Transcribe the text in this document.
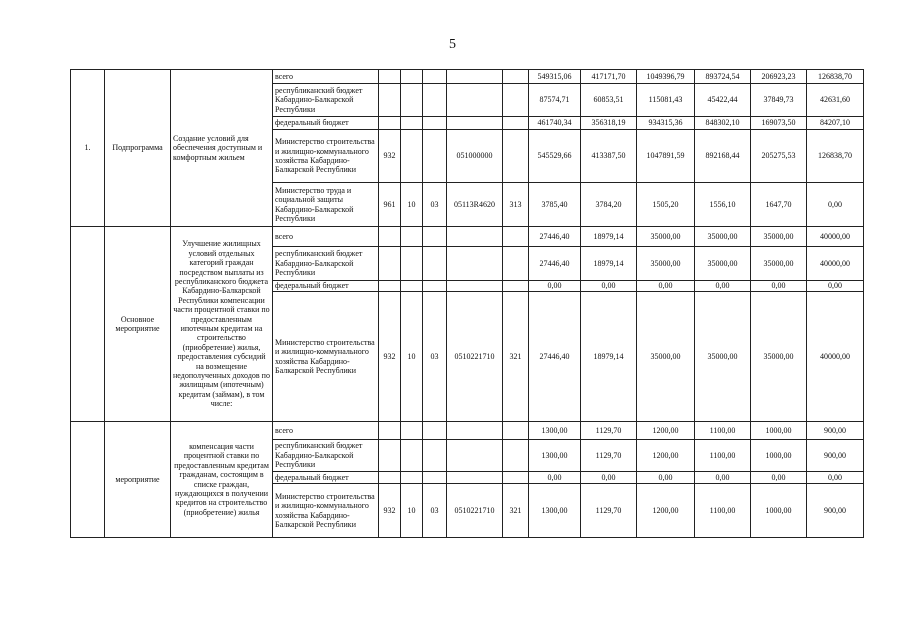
5
1.	Подпрограмма	Создание условий для обеспечения доступным и комфортным жильем	всего						549315,06	417171,70	1049396,79	893724,54	206923,23	126838,70
			республиканский бюджет Кабардино-Балкарской Республики						87574,71	60853,51	115081,43	45422,44	37849,73	42631,60
			федеральный бюджет						461740,34	356318,19	934315,36	848302,10	169073,50	84207,10
			Министерство строительства и жилищно-коммунального хозяйства Кабардино-Балкарской Республики	932			051000000		545529,66	413387,50	1047891,59	892168,44	205275,53	126838,70
			Министерство труда и социальной защиты Кабардино-Балкарской Республики	961	10	03	05113R4620	313	3785,40	3784,20	1505,20	1556,10	1647,70	0,00
	Основное мероприятие	Улучшение жилищных условий отдельных категорий граждан посредством выплаты из республиканского бюджета Кабардино-Балкарской Республики компенсации части процентной ставки по предоставленным ипотечным кредитам на строительство (приобретение) жилья, предоставления субсидий на возмещение недополученных доходов по жилищным (ипотечным) кредитам (займам), в том числе:	всего						27446,40	18979,14	35000,00	35000,00	35000,00	40000,00
			республиканский бюджет Кабардино-Балкарской Республики						27446,40	18979,14	35000,00	35000,00	35000,00	40000,00
			федеральный бюджет						0,00	0,00	0,00	0,00	0,00	0,00
			Министерство строительства и жилищно-коммунального хозяйства Кабардино-Балкарской Республики	932	10	03	0510221710	321	27446,40	18979,14	35000,00	35000,00	35000,00	40000,00
	мероприятие	компенсация части процентной ставки по предоставленным кредитам гражданам, состоящим в списке граждан, нуждающихся в получении кредитов на строительство (приобретение) жилья	всего						1300,00	1129,70	1200,00	1100,00	1000,00	900,00
			республиканский бюджет Кабардино-Балкарской Республики						1300,00	1129,70	1200,00	1100,00	1000,00	900,00
			федеральный бюджет						0,00	0,00	0,00	0,00	0,00	0,00
			Министерство строительства и жилищно-коммунального хозяйства Кабардино-Балкарской Республики	932	10	03	0510221710	321	1300,00	1129,70	1200,00	1100,00	1000,00	900,00
